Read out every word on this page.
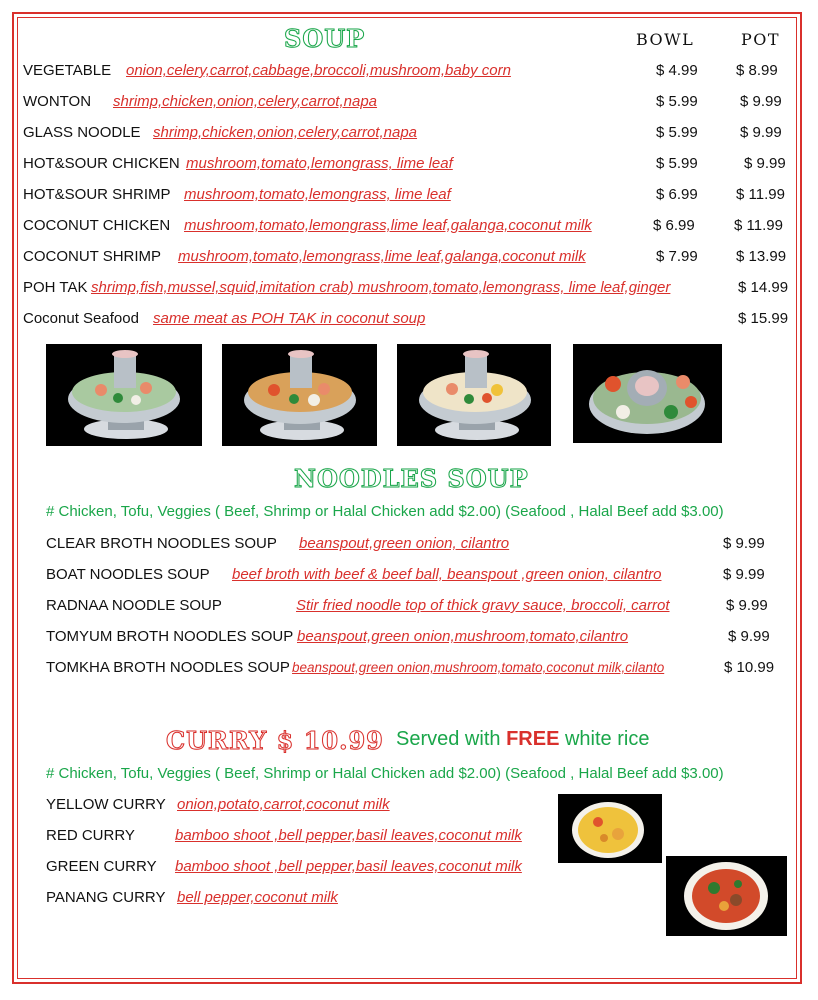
SOUP	BOWL	POT
VEGETABLE onion,celery,carrot,cabbage,broccoli,mushroom,baby corn	$ 4.99	$ 8.99
WONTON shrimp,chicken,onion,celery,carrot,napa	$ 5.99	$ 9.99
GLASS NOODLE shrimp,chicken,onion,celery,carrot,napa	$ 5.99	$ 9.99
HOT&SOUR CHICKEN mushroom,tomato,lemongrass, lime leaf	$ 5.99	$ 9.99
HOT&SOUR SHRIMP mushroom,tomato,lemongrass, lime leaf	$ 6.99	$ 11.99
COCONUT CHICKEN mushroom,tomato,lemongrass,lime leaf,galanga,coconut milk	$ 6.99	$ 11.99
COCONUT SHRIMP mushroom,tomato,lemongrass,lime leaf,galanga,coconut milk	$ 7.99	$ 13.99
POH TAK shrimp,fish,mussel,squid,imitation crab) mushroom,tomato,lemongrass, lime leaf,ginger	$ 14.99
Coconut Seafood same meat as POH TAK in coconut soup	$ 15.99
NOODLES SOUP
# Chicken, Tofu, Veggies ( Beef, Shrimp or Halal Chicken add $2.00) (Seafood , Halal Beef add $3.00)
CLEAR BROTH NOODLES SOUP beanspout,green onion, cilantro	$ 9.99
BOAT NOODLES SOUP beef broth with beef & beef ball, beanspout ,green onion, cilantro	$ 9.99
RADNAA NOODLE SOUP	Stir fried noodle top of thick gravy sauce, broccoli, carrot	$ 9.99
TOMYUM BROTH NOODLES SOUP beanspout,green onion,mushroom,tomato,cilantro	$ 9.99
TOMKHA BROTH NOODLES SOUP beanspout,green onion,mushroom,tomato,coconut milk,cilanto	$ 10.99
CURRY $ 10.99 Served with FREE white rice
# Chicken, Tofu, Veggies ( Beef, Shrimp or Halal Chicken add $2.00) (Seafood , Halal Beef add $3.00)
YELLOW CURRY onion,potato,carrot,coconut milk
RED CURRY	bamboo shoot ,bell pepper,basil leaves,coconut milk
GREEN CURRY bamboo shoot ,bell pepper,basil leaves,coconut milk
PANANG CURRY bell pepper,coconut milk
